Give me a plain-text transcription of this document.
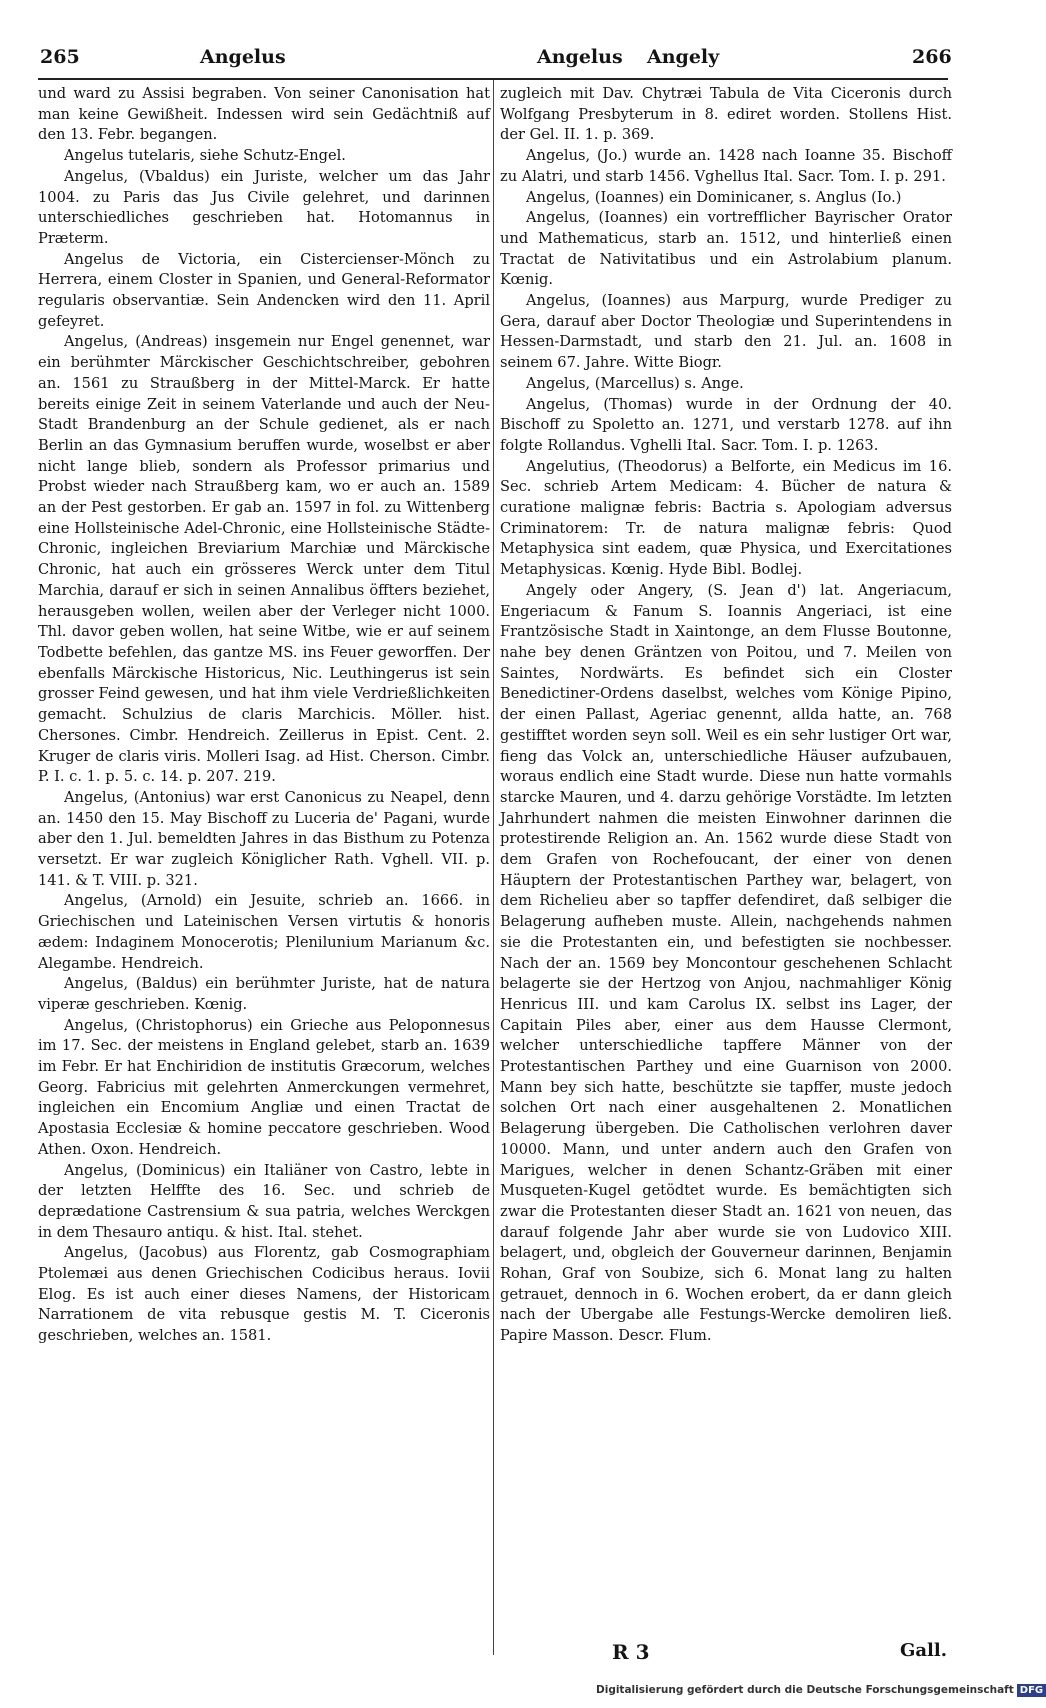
265	Angelus	Angelus Angely	266

und ward zu Assisi begraben. Von seiner Canonisation hat man keine Gewißheit. Indessen wird sein Gedächtniß auf den 13. Febr. begangen.

Angelus tutelaris, siehe Schutz-Engel.

Angelus, (Vbaldus) ein Juriste, welcher um das Jahr 1004. zu Paris das Jus Civile gelehret, und darinnen unterschiedliches geschrieben hat. Hotomannus in Præterm.

Angelus de Victoria, ein Cistercienser-Mönch zu Herrera, einem Closter in Spanien, und General-Reformator regularis observantiæ. Sein Andencken wird den 11. April gefeyret.

Angelus, (Andreas) insgemein nur Engel genennet, war ein berühmter Märckischer Geschichtschreiber, gebohren an. 1561 zu Straußberg in der Mittel-Marck. Er hatte bereits einige Zeit in seinem Vaterlande und auch der Neu-Stadt Brandenburg an der Schule gedienet, als er nach Berlin an das Gymnasium beruffen wurde, woselbst er aber nicht lange blieb, sondern als Professor primarius und Probst wieder nach Straußberg kam, wo er auch an. 1589 an der Pest gestorben. Er gab an. 1597 in fol. zu Wittenberg eine Hollsteinische Adel-Chronic, eine Hollsteinische Städte-Chronic, ingleichen Breviarium Marchiæ und Märckische Chronic, hat auch ein grösseres Werck unter dem Titul Marchia, darauf er sich in seinen Annalibus öffters beziehet, herausgeben wollen, weilen aber der Verleger nicht 1000. Thl. davor geben wollen, hat seine Witbe, wie er auf seinem Todbette befehlen, das gantze MS. ins Feuer geworffen. Der ebenfalls Märckische Historicus, Nic. Leuthingerus ist sein grosser Feind gewesen, und hat ihm viele Verdrießlichkeiten gemacht. Schulzius de claris Marchicis. Möller. hist. Chersones. Cimbr. Hendreich. Zeillerus in Epist. Cent. 2. Kruger de claris viris. Molleri Isag. ad Hist. Cherson. Cimbr. P. I. c. 1. p. 5. c. 14. p. 207. 219.

Angelus, (Antonius) war erst Canonicus zu Neapel, denn an. 1450 den 15. May Bischoff zu Luceria de' Pagani, wurde aber den 1. Jul. bemeldten Jahres in das Bisthum zu Potenza versetzt. Er war zugleich Königlicher Rath. Vghell. VII. p. 141. & T. VIII. p. 321.

Angelus, (Arnold) ein Jesuite, schrieb an. 1666. in Griechischen und Lateinischen Versen virtutis & honoris ædem: Indaginem Monocerotis; Plenilunium Marianum &c. Alegambe. Hendreich.

Angelus, (Baldus) ein berühmter Juriste, hat de natura viperæ geschrieben. Kœnig.

Angelus, (Christophorus) ein Grieche aus Peloponnesus im 17. Sec. der meistens in England gelebet, starb an. 1639 im Febr. Er hat Enchiridion de institutis Græcorum, welches Georg. Fabricius mit gelehrten Anmerckungen vermehret, ingleichen ein Encomium Angliæ und einen Tractat de Apostasia Ecclesiæ & homine peccatore geschrieben. Wood Athen. Oxon. Hendreich.

Angelus, (Dominicus) ein Italiäner von Castro, lebte in der letzten Helffte des 16. Sec. und schrieb de deprædatione Castrensium & sua patria, welches Werckgen in dem Thesauro antiqu. & hist. Ital. stehet.

Angelus, (Jacobus) aus Florentz, gab Cosmographiam Ptolemæi aus denen Griechischen Codicibus heraus. Iovii Elog. Es ist auch einer dieses Namens, der Historicam Narrationem de vita rebusque gestis M. T. Ciceronis geschrieben, welches an. 1581.

zugleich mit Dav. Chytræi Tabula de Vita Ciceronis durch Wolfgang Presbyterum in 8. ediret worden. Stollens Hist. der Gel. II. 1. p. 369.

Angelus, (Jo.) wurde an. 1428 nach Ioanne 35. Bischoff zu Alatri, und starb 1456. Vghellus Ital. Sacr. Tom. I. p. 291.

Angelus, (Ioannes) ein Dominicaner, s. Anglus (Io.)

Angelus, (Ioannes) ein vortrefflicher Bayrischer Orator und Mathematicus, starb an. 1512, und hinterließ einen Tractat de Nativitatibus und ein Astrolabium planum. Kœnig.

Angelus, (Ioannes) aus Marpurg, wurde Prediger zu Gera, darauf aber Doctor Theologiæ und Superintendens in Hessen-Darmstadt, und starb den 21. Jul. an. 1608 in seinem 67. Jahre. Witte Biogr.

Angelus, (Marcellus) s. Ange.

Angelus, (Thomas) wurde in der Ordnung der 40. Bischoff zu Spoletto an. 1271, und verstarb 1278. auf ihn folgte Rollandus. Vghelli Ital. Sacr. Tom. I. p. 1263.

Angelutius, (Theodorus) a Belforte, ein Medicus im 16. Sec. schrieb Artem Medicam: 4. Bücher de natura & curatione malignæ febris: Bactria s. Apologiam adversus Criminatorem: Tr. de natura malignæ febris: Quod Metaphysica sint eadem, quæ Physica, und Exercitationes Metaphysicas. Kœnig. Hyde Bibl. Bodlej.

Angely oder Angery, (S. Jean d') lat. Angeriacum, Engeriacum & Fanum S. Ioannis Angeriaci, ist eine Frantzösische Stadt in Xaintonge, an dem Flusse Boutonne, nahe bey denen Gräntzen von Poitou, und 7. Meilen von Saintes, Nordwärts. Es befindet sich ein Closter Benedictiner-Ordens daselbst, welches vom Könige Pipino, der einen Pallast, Ageriac genennt, allda hatte, an. 768 gestifftet worden seyn soll. Weil es ein sehr lustiger Ort war, fieng das Volck an, unterschiedliche Häuser aufzubauen, woraus endlich eine Stadt wurde. Diese nun hatte vormahls starcke Mauren, und 4. darzu gehörige Vorstädte. Im letzten Jahrhundert nahmen die meisten Einwohner darinnen die protestirende Religion an. An. 1562 wurde diese Stadt von dem Grafen von Rochefoucant, der einer von denen Häuptern der Protestantischen Parthey war, belagert, von dem Richelieu aber so tapffer defendiret, daß selbiger die Belagerung aufheben muste. Allein, nachgehends nahmen sie die Protestanten ein, und befestigten sie nochbesser. Nach der an. 1569 bey Moncontour geschehenen Schlacht belagerte sie der Hertzog von Anjou, nachmahliger König Henricus III. und kam Carolus IX. selbst ins Lager, der Capitain Piles aber, einer aus dem Hausse Clermont, welcher unterschiedliche tapffere Männer von der Protestantischen Parthey und eine Guarnison von 2000. Mann bey sich hatte, beschützte sie tapffer, muste jedoch solchen Ort nach einer ausgehaltenen 2. Monatlichen Belagerung übergeben. Die Catholischen verlohren daver 10000. Mann, und unter andern auch den Grafen von Marigues, welcher in denen Schantz-Gräben mit einer Musqueten-Kugel getödtet wurde. Es bemächtigten sich zwar die Protestanten dieser Stadt an. 1621 von neuen, das darauf folgende Jahr aber wurde sie von Ludovico XIII. belagert, und, obgleich der Gouverneur darinnen, Benjamin Rohan, Graf von Soubize, sich 6. Monat lang zu halten getrauet, dennoch in 6. Wochen erobert, da er dann gleich nach der Ubergabe alle Festungs-Wercke demoliren ließ. Papire Masson. Descr. Flum.

R 3	Gall.
Digitalisierung gefördert durch die Deutsche Forschungsgemeinschaft DFG
